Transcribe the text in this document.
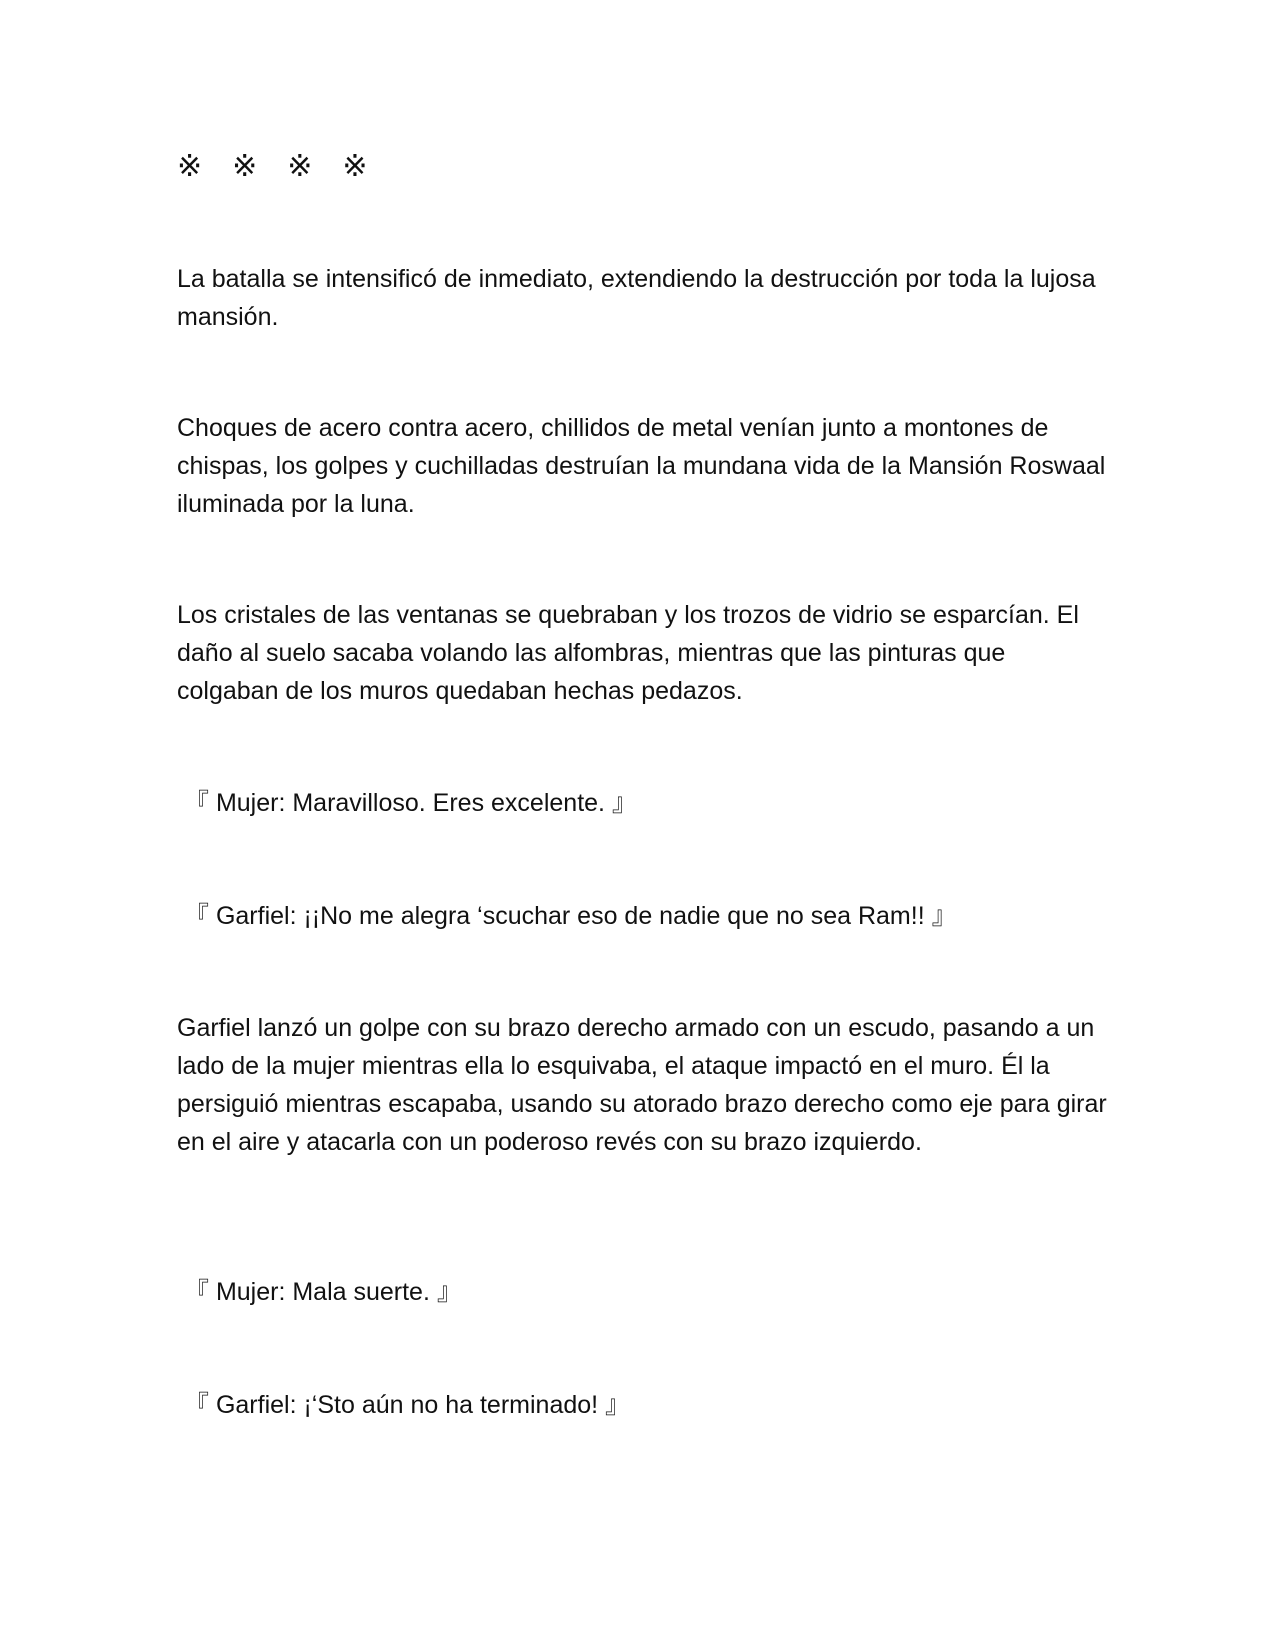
※　※　※　※

La batalla se intensificó de inmediato, extendiendo la destrucción por toda la lujosa mansión.

Choques de acero contra acero, chillidos de metal venían junto a montones de chispas, los golpes y cuchilladas destruían la mundana vida de la Mansión Roswaal iluminada por la luna.

Los cristales de las ventanas se quebraban y los trozos de vidrio se esparcían. El daño al suelo sacaba volando las alfombras, mientras que las pinturas que colgaban de los muros quedaban hechas pedazos.

『 Mujer: Maravilloso. Eres excelente. 』

『 Garfiel: ¡¡No me alegra ‘scuchar eso de nadie que no sea Ram!! 』

Garfiel lanzó un golpe con su brazo derecho armado con un escudo, pasando a un lado de la mujer mientras ella lo esquivaba, el ataque impactó en el muro. Él la persiguió mientras escapaba, usando su atorado brazo derecho como eje para girar en el aire y atacarla con un poderoso revés con su brazo izquierdo.

『 Mujer: Mala suerte. 』

『 Garfiel: ¡‘Sto aún no ha terminado! 』
